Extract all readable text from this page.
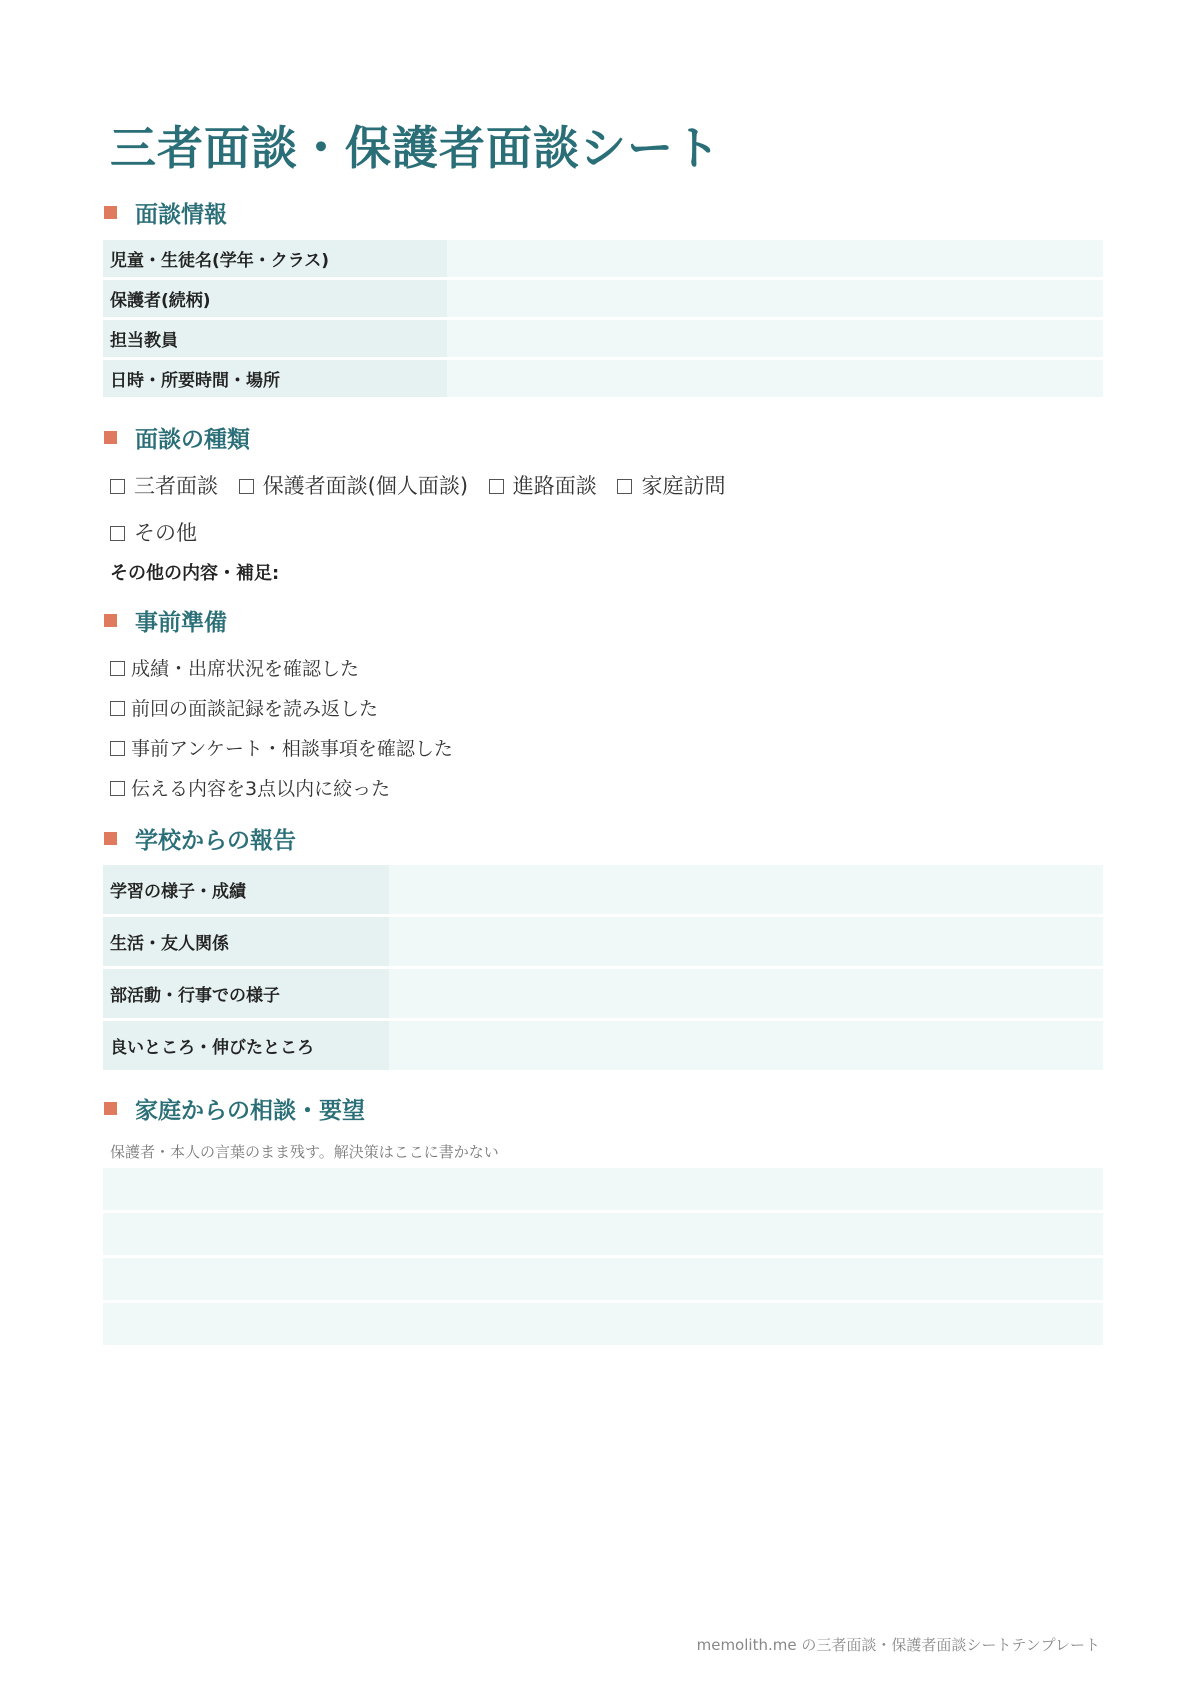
三者面談・保護者面談シート
面談情報
児童・生徒名(学年・クラス)	
保護者(続柄)	
担当教員	
日時・所要時間・場所	
面談の種類
三者面談 保護者面談(個人面談) 進路面談 家庭訪問
その他
その他の内容・補足:
事前準備
成績・出席状況を確認した
前回の面談記録を読み返した
事前アンケート・相談事項を確認した
伝える内容を3点以内に絞った
学校からの報告
学習の様子・成績	
生活・友人関係	
部活動・行事での様子	
良いところ・伸びたところ	
家庭からの相談・要望
保護者・本人の言葉のまま残す。解決策はここに書かない
memolith.me の三者面談・保護者面談シートテンプレート
